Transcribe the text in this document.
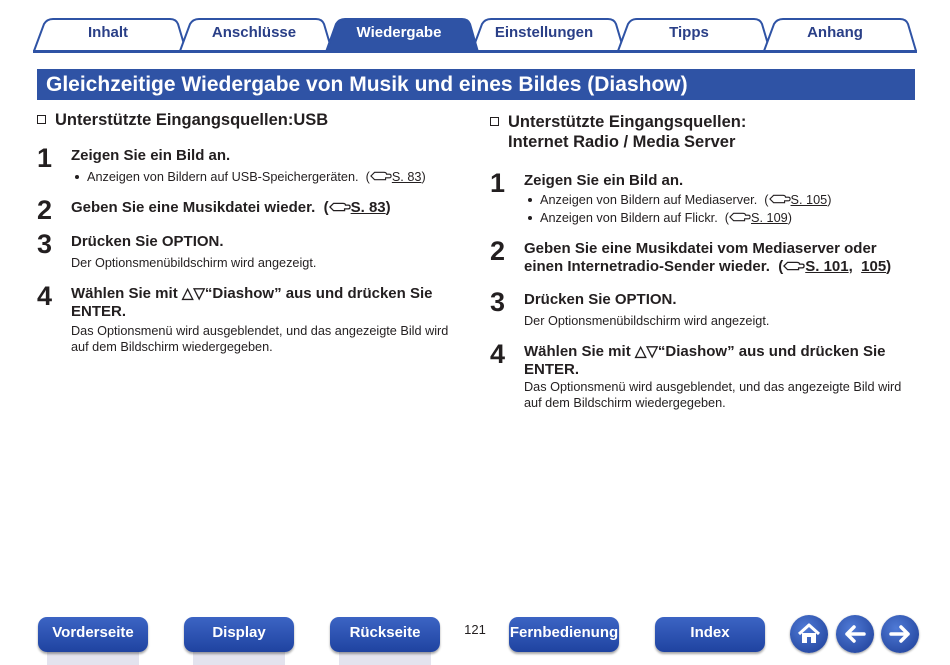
Inhalt	Anschlüsse	Wiedergabe	Einstellungen	Tipps	Anhang
Gleichzeitige Wiedergabe von Musik und eines Bildes (Diashow)
Unterstützte Eingangsquellen:USB
1 Zeigen Sie ein Bild an.
Anzeigen von Bildern auf USB-Speichergeräten.  ( S. 83)
2 Geben Sie eine Musikdatei wieder.  ( S. 83)
3 Drücken Sie OPTION.
Der Optionsmenübildschirm wird angezeigt.
4 Wählen Sie mit △▽“Diashow” aus und drücken Sie
ENTER.
Das Optionsmenü wird ausgeblendet, und das angezeigte Bild wird
auf dem Bildschirm wiedergegeben.
Unterstützte Eingangsquellen:
Internet Radio / Media Server
1 Zeigen Sie ein Bild an.
Anzeigen von Bildern auf Mediaserver.  ( S. 105)
Anzeigen von Bildern auf Flickr.  ( S. 109)
2 Geben Sie eine Musikdatei vom Mediaserver oder
einen Internetradio-Sender wieder.  ( S. 101,  105)
3 Drücken Sie OPTION.
Der Optionsmenübildschirm wird angezeigt.
4 Wählen Sie mit △▽“Diashow” aus und drücken Sie
ENTER.
Das Optionsmenü wird ausgeblendet, und das angezeigte Bild wird
auf dem Bildschirm wiedergegeben.
Vorderseite	Display	Rückseite	121	Fernbedienung	Index
